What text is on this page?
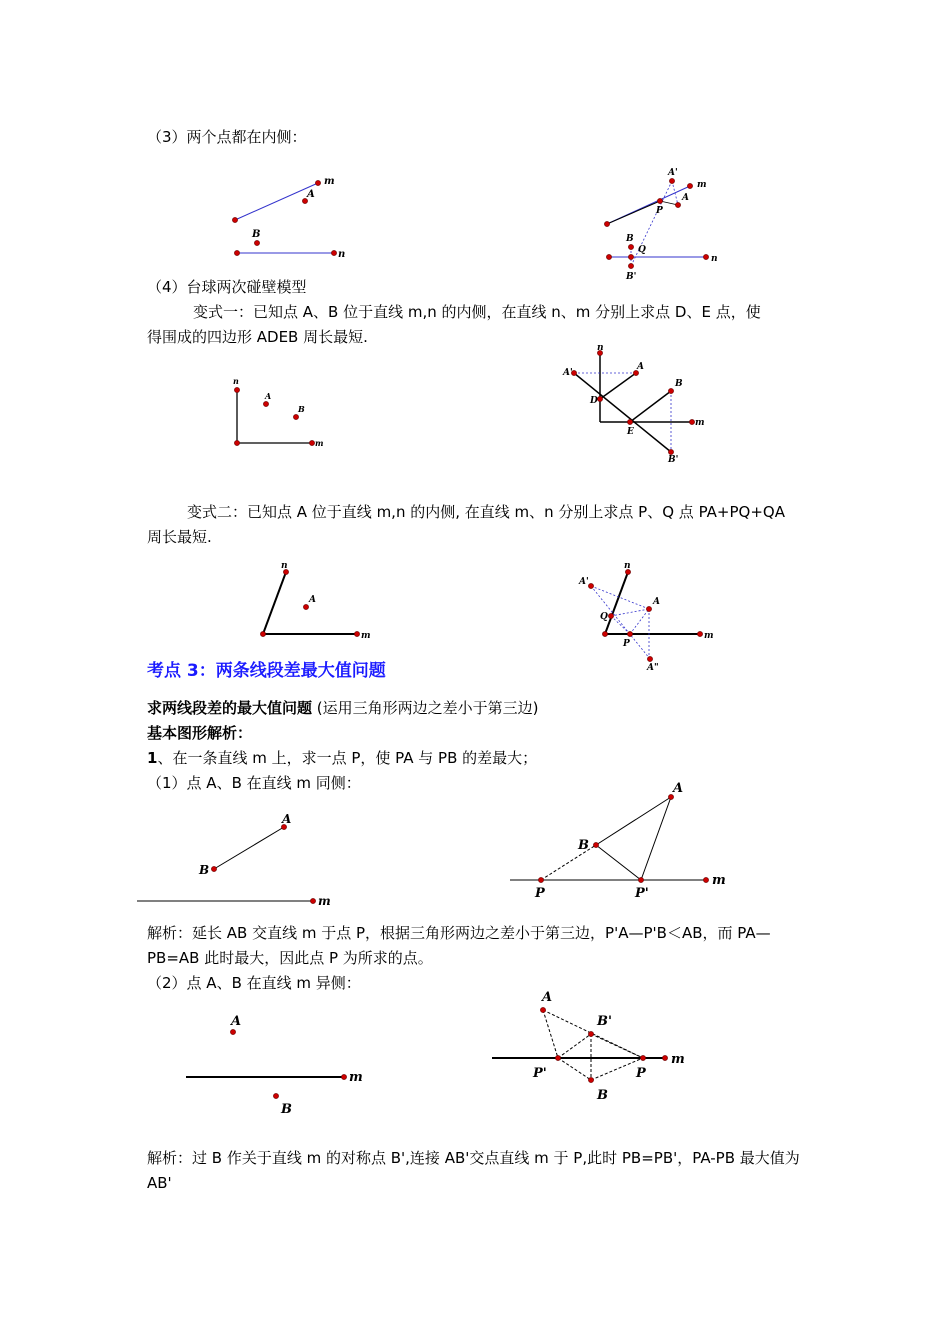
（3）两个点都在内侧：
（4）台球两次碰壁模型
变式一：已知点 A、B 位于直线 m,n 的内侧，在直线 n、m 分别上求点 D、E 点，使
得围成的四边形 ADEB 周长最短.
变式二：已知点 A 位于直线 m,n 的内侧, 在直线 m、n 分别上求点 P、Q 点 PA+PQ+QA
周长最短.
考点 3：两条线段差最大值问题
求两线段差的最大值问题 (运用三角形两边之差小于第三边)
基本图形解析：
1、在一条直线 m 上，求一点 P，使 PA 与 PB 的差最大；
（1）点 A、B 在直线 m 同侧：
解析：延长 AB 交直线 m 于点 P，根据三角形两边之差小于第三边，P'A—P'B＜AB，而 PA—
PB=AB 此时最大，因此点 P 为所求的点。
（2）点 A、B 在直线 m 异侧：
解析：过 B 作关于直线 m 的对称点 B',连接 AB'交点直线 m 于 P,此时 PB=PB'，PA-PB 最大值为
AB'
m
A
B
n
A'
m
A
P
B
Q
n
B'
n
A
B
m
n
A'
A
B
D
E
m
B'
n
A
m
n
A'
A
Q
P
m
A"
A
B
m
A
B
P	P'
m
A
m
B
A
B'
m
P'	P
B
